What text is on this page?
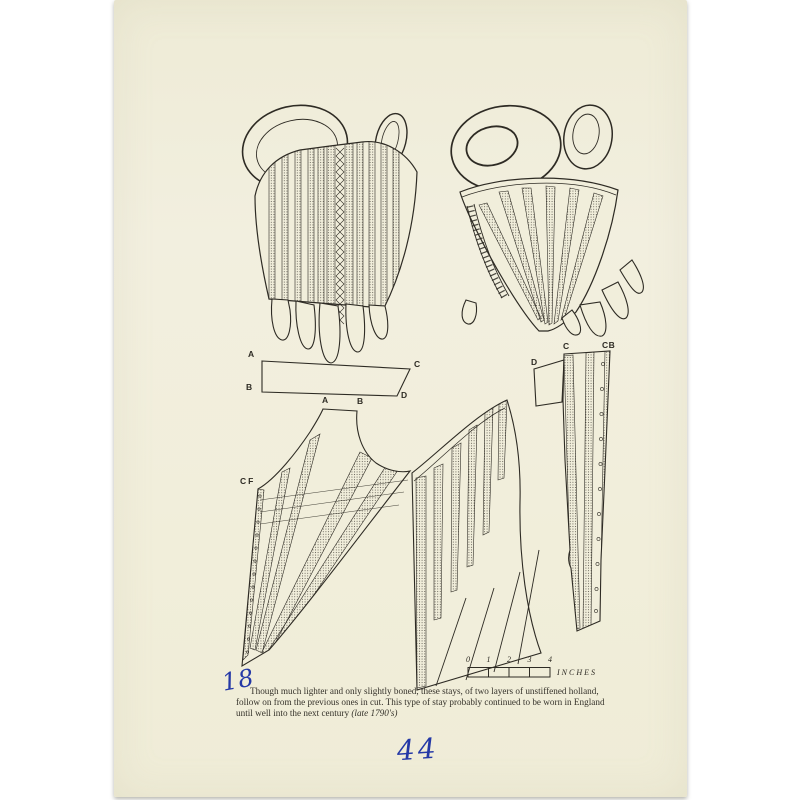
A
B
C
D
A	B
CF
D
C	CB
0 1 2 3 4
INCHES
Though much lighter and only slightly boned, these stays, of two layers of unstiffened holland,
follow on from the previous ones in cut. This type of stay probably continued to be worn in England
until well into the next century (late 1790's)
18
44
